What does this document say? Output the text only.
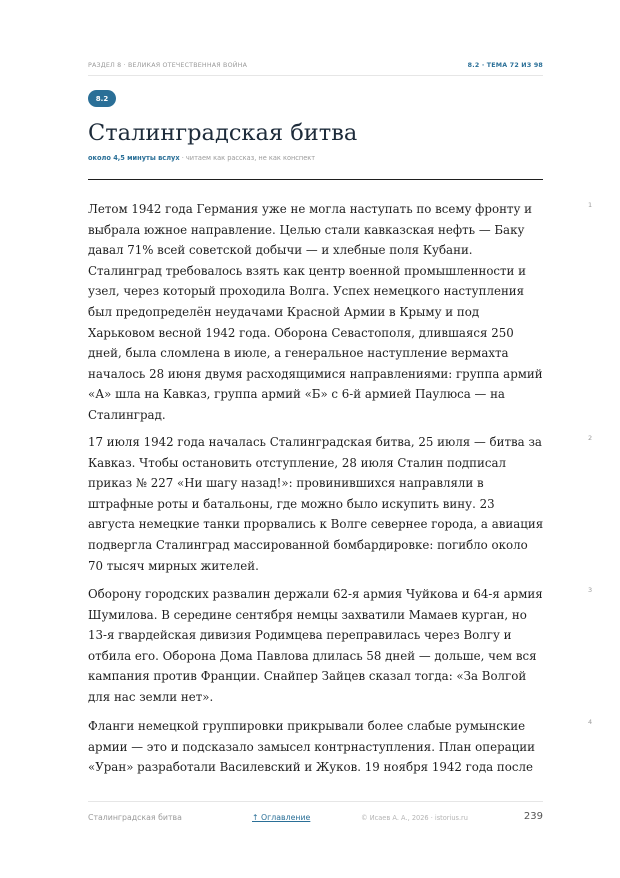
РАЗДЕЛ 8 · ВЕЛИКАЯ ОТЕЧЕСТВЕННАЯ ВОЙНА	8.2 · ТЕМА 72 ИЗ 98
8.2
Сталинградская битва
около 4,5 минуты вслух · читаем как рассказ, не как конспект

Летом 1942 года Германия уже не могла наступать по всему фронту и выбрала южное направление. Целью стали кавказская нефть — Баку давал 71% всей советской добычи — и хлебные поля Кубани. Сталинград требовалось взять как центр военной промышленности и узел, через который проходила Волга. Успех немецкого наступления был предопределён неудачами Красной Армии в Крыму и под Харьковом весной 1942 года. Оборона Севастополя, длившаяся 250 дней, была сломлена в июле, а генеральное наступление вермахта началось 28 июня двумя расходящимися направлениями: группа армий «А» шла на Кавказ, группа армий «Б» с 6-й армией Паулюса — на Сталинград.

1

17 июля 1942 года началась Сталинградская битва, 25 июля — битва за Кавказ. Чтобы остановить отступление, 28 июля Сталин подписал приказ № 227 «Ни шагу назад!»: провинившихся направляли в штрафные роты и батальоны, где можно было искупить вину. 23 августа немецкие танки прорвались к Волге севернее города, а авиация подвергла Сталинград массированной бомбардировке: погибло около 70 тысяч мирных жителей.

2

Оборону городских развалин держали 62-я армия Чуйкова и 64-я армия Шумилова. В середине сентября немцы захватили Мамаев курган, но 13-я гвардейская дивизия Родимцева переправилась через Волгу и отбила его. Оборона Дома Павлова длилась 58 дней — дольше, чем вся кампания против Франции. Снайпер Зайцев сказал тогда: «За Волгой для нас земли нет».

3

Фланги немецкой группировки прикрывали более слабые румынские армии — это и подсказало замысел контрнаступления. План операции «Уран» разработали Василевский и Жуков. 19 ноября 1942 года после

4
Сталинградская битва	↑ Оглавление	© Исаев А. А., 2026 · istorius.ru	239
